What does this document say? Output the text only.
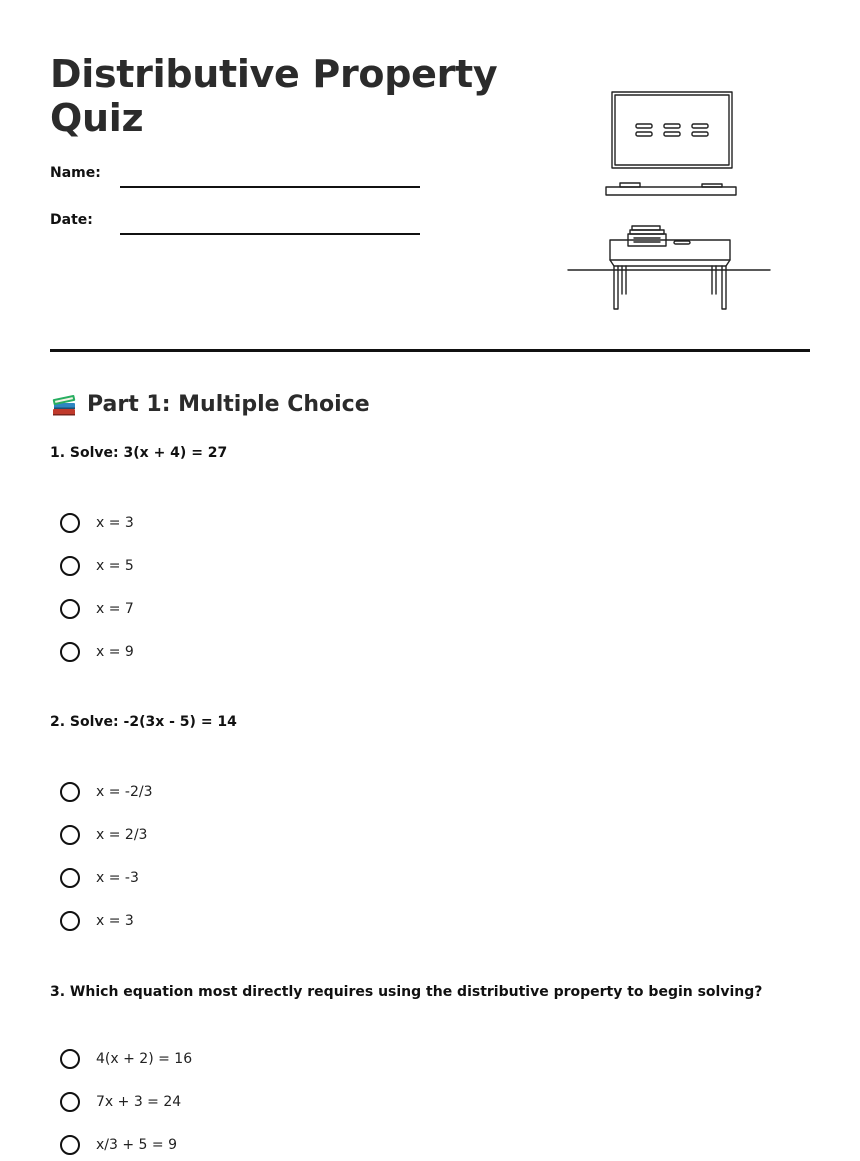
Distributive Property Quiz
Name:
Date:
Part 1: Multiple Choice
1. Solve: 3(x + 4) = 27
x = 3
x = 5
x = 7
x = 9
2. Solve: -2(3x - 5) = 14
x = -2/3
x = 2/3
x = -3
x = 3
3. Which equation most directly requires using the distributive property to begin solving?
4(x + 2) = 16
7x + 3 = 24
x/3 + 5 = 9
